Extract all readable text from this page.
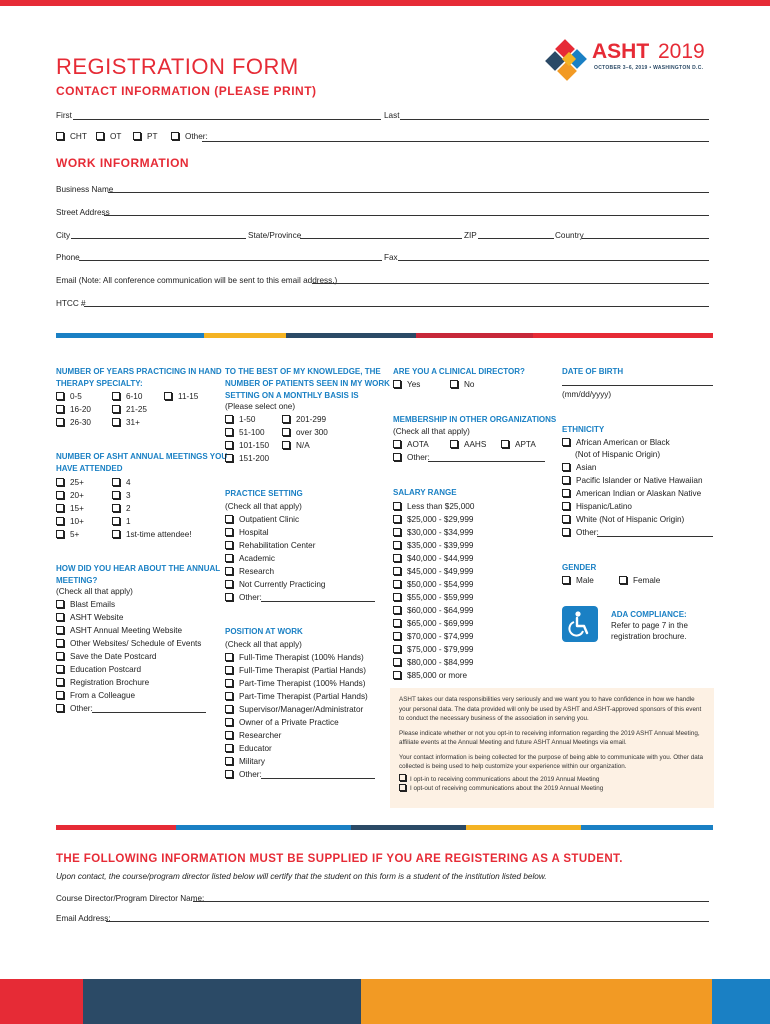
REGISTRATION FORM
CONTACT INFORMATION (PLEASE PRINT)
ASHT 2019
OCTOBER 3–6, 2019 • WASHINGTON D.C.
First	Last
CHT	OT	PT	Other:
WORK INFORMATION
Business Name
Street Address
City	State/Province	ZIP	Country
Phone	Fax
Email (Note: All conference communication will be sent to this email address.)
HTCC #
NUMBER OF YEARS PRACTICING IN HAND
THERAPY SPECIALTY:
0-5	6-10	11-15
16-20	21-25
26-30	31+
NUMBER OF ASHT ANNUAL MEETINGS YOU
HAVE ATTENDED
25+	4
20+	3
15+	2
10+	1
5+	1st-time attendee!
HOW DID YOU HEAR ABOUT THE ANNUAL
MEETING?
(Check all that apply)
Blast Emails
ASHT Website
ASHT Annual Meeting Website
Other Websites/ Schedule of Events
Save the Date Postcard
Education Postcard
Registration Brochure
From a Colleague
Other:
TO THE BEST OF MY KNOWLEDGE, THE
NUMBER OF PATIENTS SEEN IN MY WORK
SETTING ON A MONTHLY BASIS IS
(Please select one)
1-50	201-299
51-100	over 300
101-150	N/A
151-200
PRACTICE SETTING
(Check all that apply)
Outpatient Clinic
Hospital
Rehabilitation Center
Academic
Research
Not Currently Practicing
Other:
POSITION AT WORK
(Check all that apply)
Full-Time Therapist (100% Hands)
Full-Time Therapist (Partial Hands)
Part-Time Therapist (100% Hands)
Part-Time Therapist (Partial Hands)
Supervisor/Manager/Administrator
Owner of a Private Practice
Researcher
Educator
Military
Other:
ARE YOU A CLINICAL DIRECTOR?
Yes	No
MEMBERSHIP IN OTHER ORGANIZATIONS
(Check all that apply)
AOTA	AAHS	APTA
Other:
SALARY RANGE
Less than $25,000
$25,000 - $29,999
$30,000 - $34,999
$35,000 - $39,999
$40,000 - $44,999
$45,000 - $49,999
$50,000 - $54,999
$55,000 - $59,999
$60,000 - $64,999
$65,000 - $69,999
$70,000 - $74,999
$75,000 - $79,999
$80,000 - $84,999
$85,000 or more
DATE OF BIRTH
(mm/dd/yyyy)
ETHNICITY
African American or Black
(Not of Hispanic Origin)
Asian
Pacific Islander or Native Hawaiian
American Indian or Alaskan Native
Hispanic/Latino
White (Not of Hispanic Origin)
Other:
GENDER
Male	Female
ADA COMPLIANCE:
Refer to page 7 in the
registration brochure.
ASHT takes our data responsibilities very seriously and we want you to have confidence in how we handle your personal data. The data provided will only be used by ASHT and ASHT-approved sponsors of this event to conduct the necessary business of the association in serving you.
Please indicate whether or not you opt-in to receiving information regarding the 2019 ASHT Annual Meeting, affiliate events at the Annual Meeting and future ASHT Annual Meetings via email.
Your contact information is being collected for the purpose of being able to communicate with you. Other data collected is being used to help customize your experience within our organization.
I opt-in to receiving communications about the 2019 Annual Meeting
I opt-out of receiving communications about the 2019 Annual Meeting
THE FOLLOWING INFORMATION MUST BE SUPPLIED IF YOU ARE REGISTERING AS A STUDENT.
Upon contact, the course/program director listed below will certify that the student on this form is a student of the institution listed below.
Course Director/Program Director Name:
Email Address:
